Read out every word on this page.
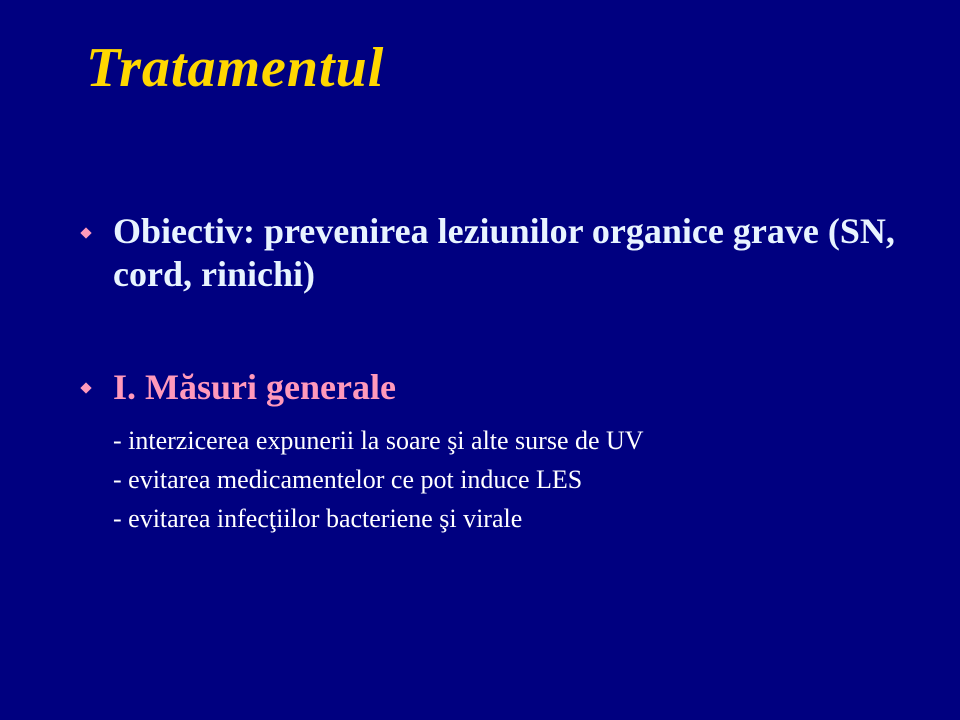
Tratamentul
Obiectiv: prevenirea leziunilor organice grave (SN, cord, rinichi)
I. Măsuri generale
- interzicerea expunerii la soare şi alte surse de UV
- evitarea medicamentelor ce pot induce LES
- evitarea infecţiilor bacteriene şi virale
